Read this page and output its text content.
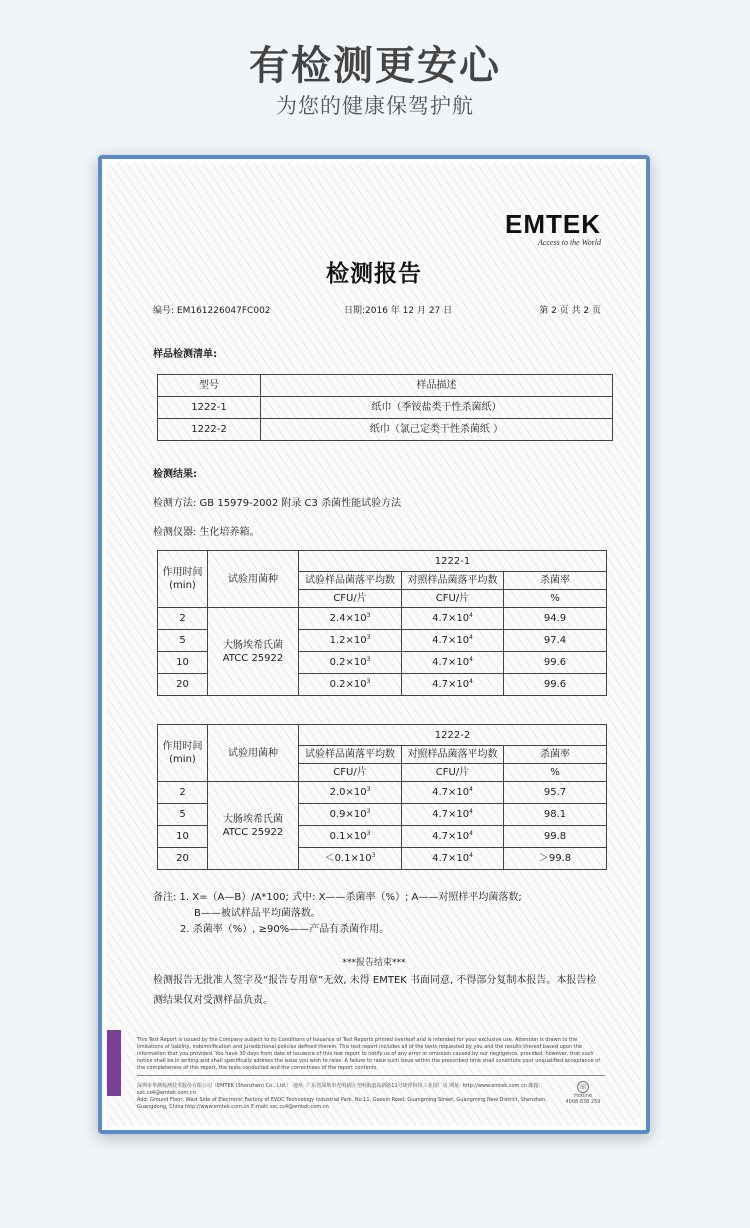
有检测更安心
为您的健康保驾护航
EMTEK
Access to the World
检测报告
编号: EM161226047FC002	日期:2016 年 12 月 27 日	第 2 页 共 2 页
样品检测清单:
型号	样品描述
1222-1	纸巾（季铵盐类干性杀菌纸）
1222-2	纸巾（氯己定类干性杀菌纸 ）
检测结果:
检测方法: GB 15979-2002 附录 C3 杀菌性能试验方法
检测仪器: 生化培养箱。
作用时间
(min)	试验用菌种	1222-1		
		试验样品菌落平均数	对照样品菌落平均数	杀菌率
		CFU/片	CFU/片	%
2	大肠埃希氏菌
ATCC 25922	$2.4\times 10^3$	$4.7\times 10^4$	94.9
5		$1.2\times 10^3$	$4.7\times 10^4$	97.4
10		$0.2\times 10^3$	$4.7\times 10^4$	99.6
20		$0.2\times 10^3$	$4.7\times 10^4$	99.6
作用时间
(min)	试验用菌种	1222-2		
		试验样品菌落平均数	对照样品菌落平均数	杀菌率
		CFU/片	CFU/片	%
2	大肠埃希氏菌
ATCC 25922	$2.0\times 10^3$	$4.7\times 10^4$	95.7
5		$0.9\times 10^3$	$4.7\times 10^4$	98.1
10		$0.1\times 10^3$	$4.7\times 10^4$	99.8
20		$<0.1\times 10^3$	$4.7\times 10^4$	＞99.8
备注: 1. X=（A—B）/A*100; 式中: X——杀菌率（%）; A——对照样平均菌落数;
B——被试样品平均菌落数。
2. 杀菌率（%）, ≥90%——产品有杀菌作用。
***报告结束***
检测报告无批准人签字及“报告专用章”无效, 未得 EMTEK 书面同意, 不得部分复制本报告。本报告检测结果仅对受测样品负责。
This Test Report is issued by the Company subject to its Conditions of Issuance of Test Reports printed overleaf and is intended for your exclusive use. Attention is drawn to the limitations of liability, indemnification and jurisdictional policies defined therein. This test report includes all of the tests requested by you and the results thereof based upon the information that you provided. You have 30 days from date of issuance of this test report to notify us of any error or omission caused by our negligence, provided, however, that such notice shall be in writing and shall specifically address the issue you wish to raise. A failure to raise such issue within the prescribed time shall constitute your unqualified acceptance of the completeness of this report, the tests conducted and the correctness of the report contents.
深圳市华测检测技术股份有限公司（EMTEK (Shenzhen) Co., Ltd.） 地址: 广东省深圳市光明新区光明街道高新路11号研祥科技工业园厂房 网址: http://www.emtek.com.cn 邮箱: szc.cs4@emtek.com.cn
Add: Ground Floor, West Side of Electronic Factory of EVOC Technology Industrial Park, No.11, Gaoxin Road, Guangming Street, Guangming New District, Shenzhen, Guangdong, China http://www.emtek.com.cn E-mail: szc.cs4@emtek.com.cn
☏
Hotline
4008 838 259
